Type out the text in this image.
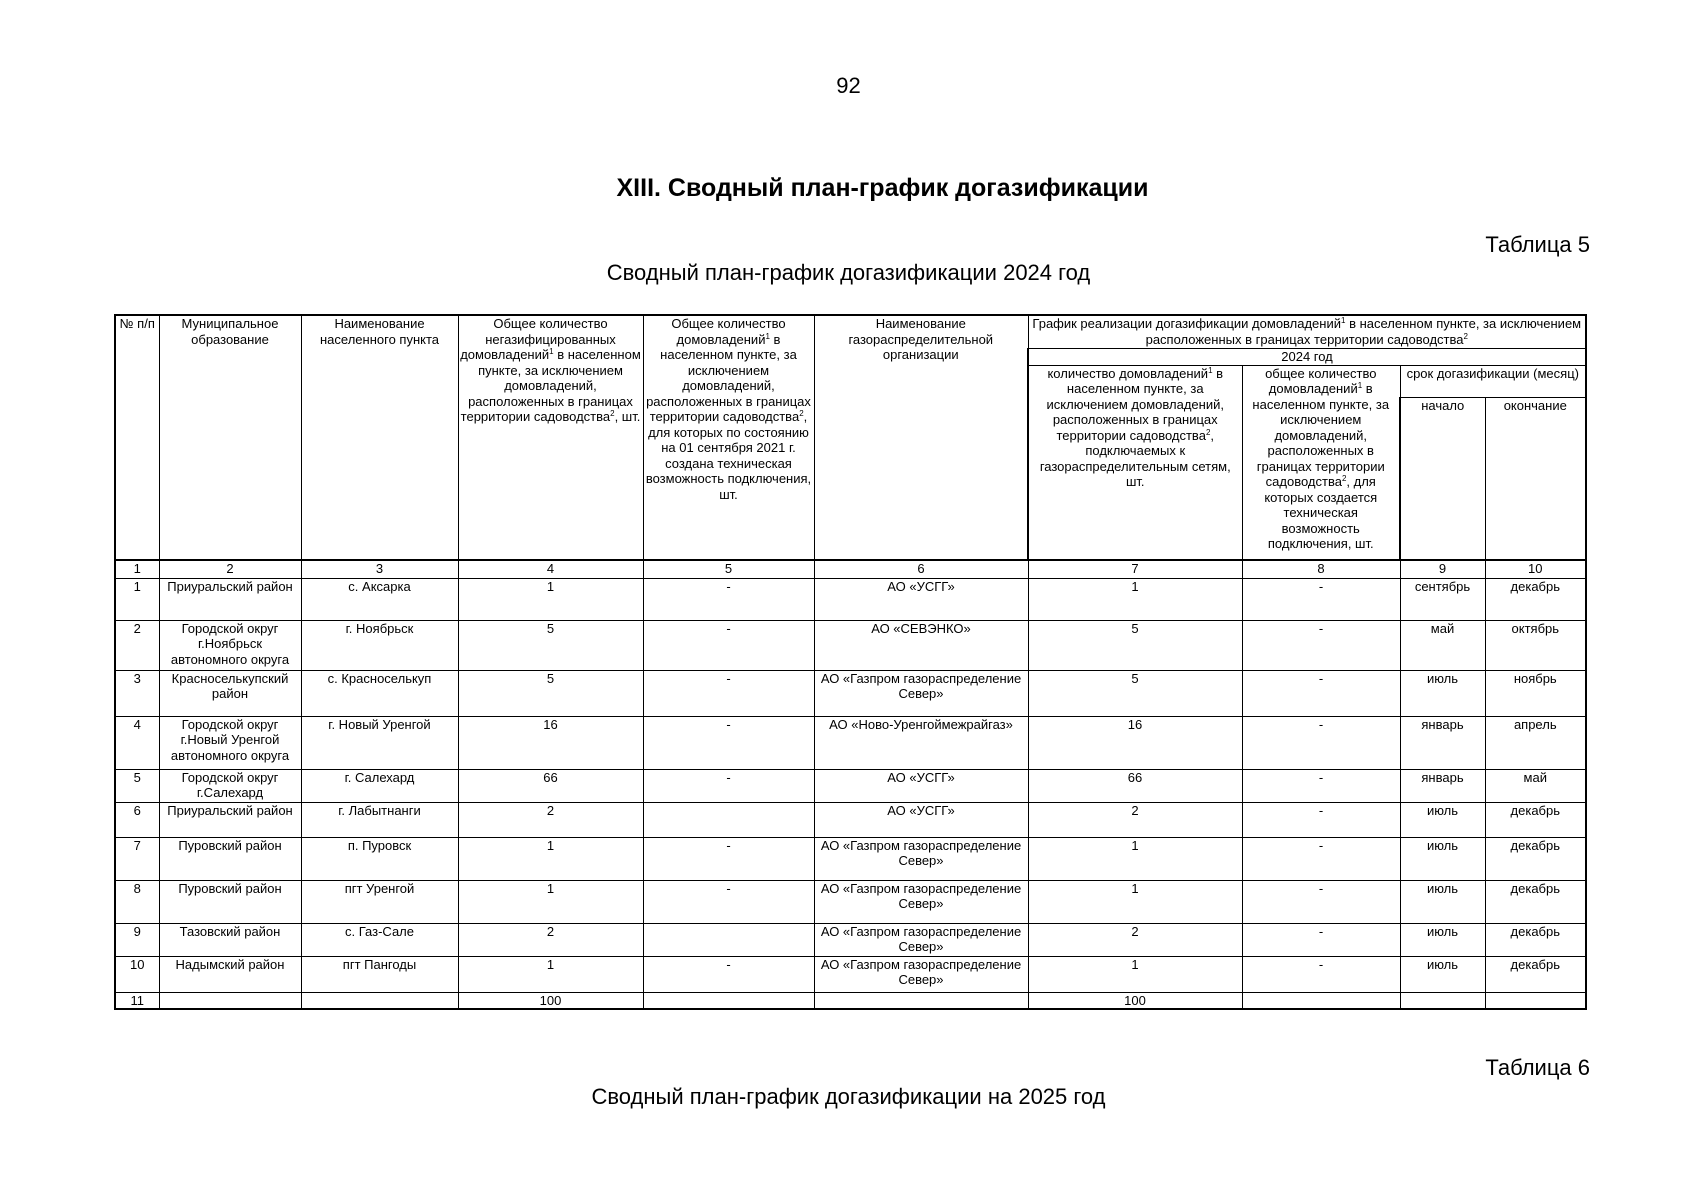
92
XIII. Сводный план-график догазификации
Таблица 5
Сводный план-график догазификации 2024 год
№ п/п	Муниципальное образование	Наименование населенного пункта	Общее количество негазифицированных домовладений$^1$ в населенном пункте, за исключением домовладений, расположенных в границах территории садоводства$^2$, шт.	Общее количество домовладений$^1$ в населенном пункте, за исключением домовладений, расположенных в границах территории садоводства$^2$, для которых по состоянию на 01 сентября 2021 г. создана техническая возможность подключения, шт.	Наименование газораспределительной организации	График реализации догазификации домовладений$^1$ в населенном пункте, за исключением расположенных в границах территории садоводства$^2$
						2024 год			
						количество домовладений$^1$ в населенном пункте, за исключением домовладений, расположенных в границах территории садоводства$^2$, подключаемых к газораспределительным сетям, шт.	общее количество домовладений$^1$ в населенном пункте, за исключением домовладений, расположенных в границах территории садоводства$^2$, для которых создается техническая возможность подключения, шт.	срок догазификации (месяц)	
								начало	окончание
1	2	3	4	5	6	7	8	9	10
1	Приуральский район	с. Аксарка	1	-	АО «УСГГ»	1	-	сентябрь	декабрь
2	Городской округ г.Ноябрьск автономного округа	г. Ноябрьск	5	-	АО «СЕВЭНКО»	5	-	май	октябрь
3	Красноселькупский район	с. Красноселькуп	5	-	АО «Газпром газораспределение Север»	5	-	июль	ноябрь
4	Городской округ г.Новый Уренгой автономного округа	г. Новый Уренгой	16	-	АО «Ново-Уренгоймежрайгаз»	16	-	январь	апрель
5	Городской округ г.Салехард	г. Салехард	66	-	АО «УСГГ»	66	-	январь	май
6	Приуральский район	г. Лабытнанги	2		АО «УСГГ»	2	-	июль	декабрь
7	Пуровский район	п. Пуровск	1	-	АО «Газпром газораспределение Север»	1	-	июль	декабрь
8	Пуровский район	пгт Уренгой	1	-	АО «Газпром газораспределение Север»	1	-	июль	декабрь
9	Тазовский район	с. Газ-Сале	2		АО «Газпром газораспределение Север»	2	-	июль	декабрь
10	Надымский район	пгт Пангоды	1	-	АО «Газпром газораспределение Север»	1	-	июль	декабрь
11			100			100			
Таблица 6
Сводный план-график догазификации на 2025 год
